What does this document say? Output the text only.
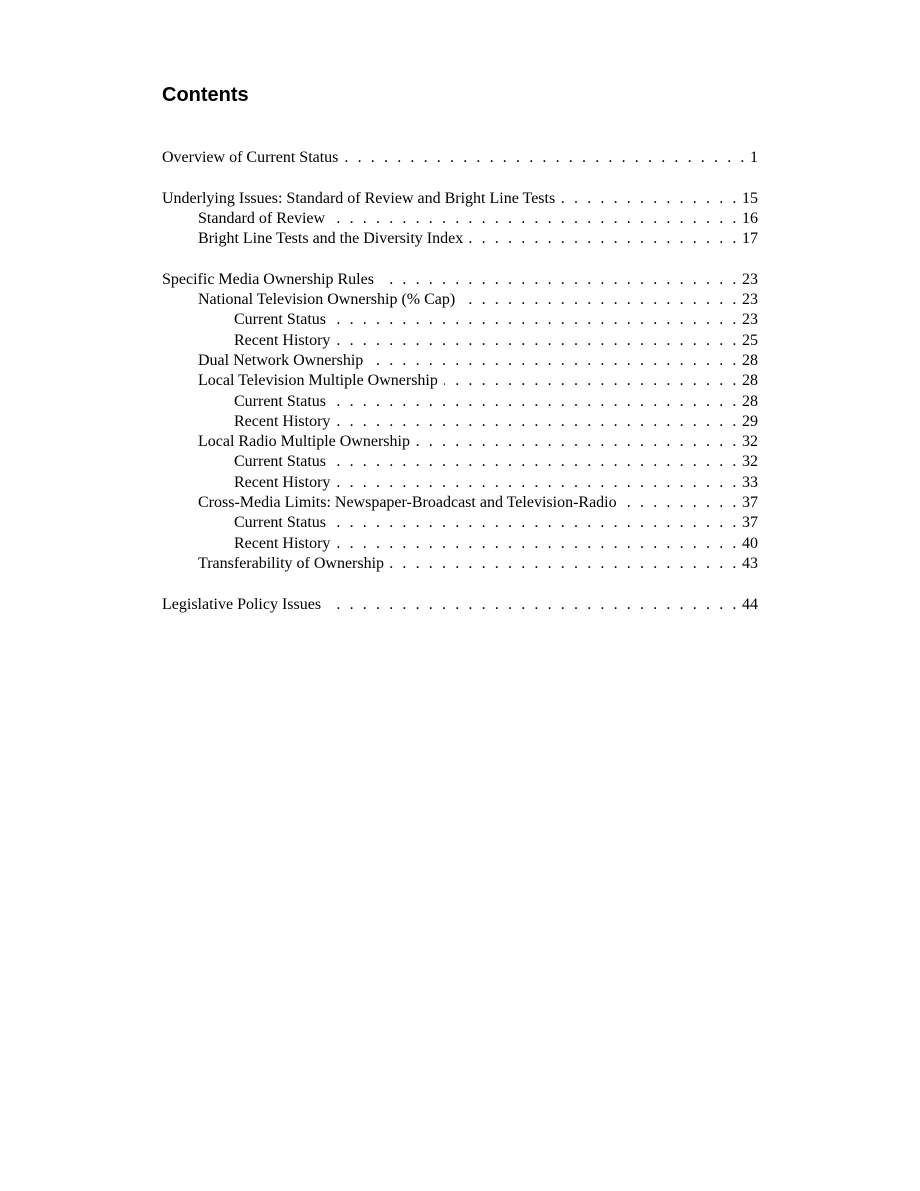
Contents
Overview of Current Status . . .	1
Underlying Issues: Standard of Review and Bright Line Tests . . .	15
Standard of Review . . .	16
Bright Line Tests and the Diversity Index . . .	17
Specific Media Ownership Rules . . .	23
National Television Ownership (% Cap) . . .	23
Current Status . . .	23
Recent History . . .	25
Dual Network Ownership . . .	28
Local Television Multiple Ownership . . .	28
Current Status . . .	28
Recent History . . .	29
Local Radio Multiple Ownership . . .	32
Current Status . . .	32
Recent History . . .	33
Cross-Media Limits: Newspaper-Broadcast and Television-Radio . . .	37
Current Status . . .	37
Recent History . . .	40
Transferability of Ownership . . .	43
Legislative Policy Issues . . .	44
